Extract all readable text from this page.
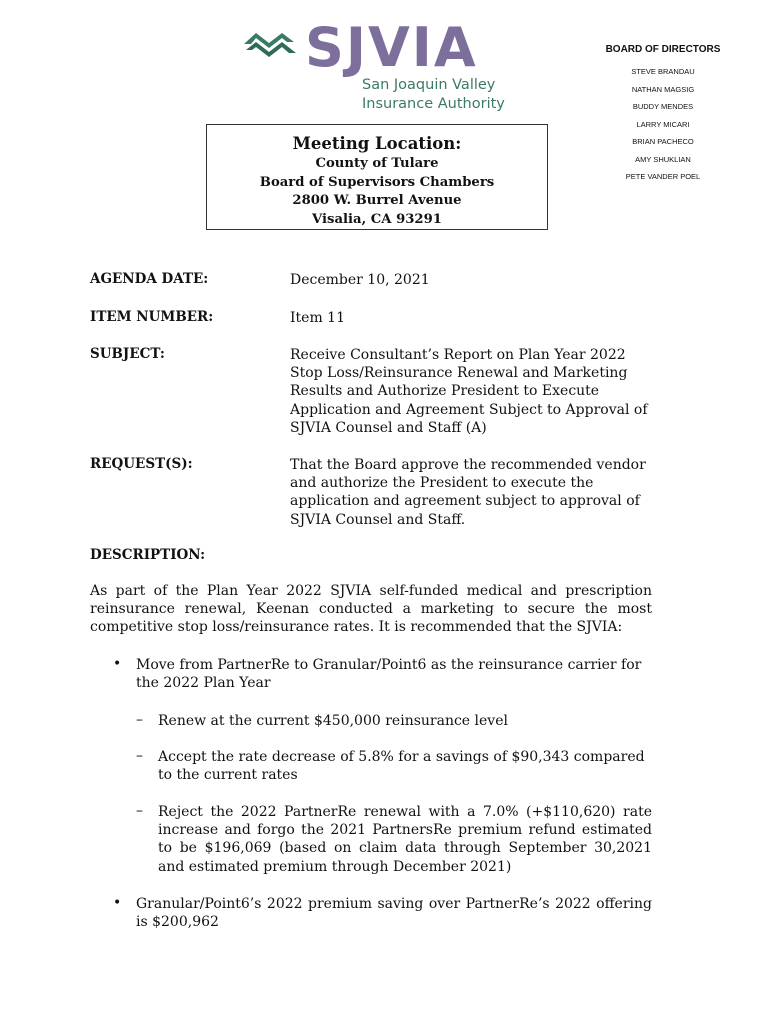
SJVIA
San Joaquin Valley
Insurance Authority
BOARD OF DIRECTORS
STEVE BRANDAU
NATHAN MAGSIG
BUDDY MENDES
LARRY MICARI
BRIAN PACHECO
AMY SHUKLIAN
PETE VANDER POEL
Meeting Location:
County of Tulare
Board of Supervisors Chambers
2800 W. Burrel Avenue
Visalia, CA 93291
AGENDA DATE:	December 10, 2021
ITEM NUMBER:	Item 11
SUBJECT:	Receive Consultant’s Report on Plan Year 2022 Stop Loss/Reinsurance Renewal and Marketing Results and Authorize President to Execute Application and Agreement Subject to Approval of SJVIA Counsel and Staff (A)
REQUEST(S):	That the Board approve the recommended vendor and authorize the President to execute the application and agreement subject to approval of SJVIA Counsel and Staff.
DESCRIPTION:
As part of the Plan Year 2022 SJVIA self-funded medical and prescription reinsurance renewal, Keenan conducted a marketing to secure the most competitive stop loss/reinsurance rates. It is recommended that the SJVIA:
• Move from PartnerRe to Granular/Point6 as the reinsurance carrier for the 2022 Plan Year
– Renew at the current $450,000 reinsurance level
– Accept the rate decrease of 5.8% for a savings of $90,343 compared to the current rates
– Reject the 2022 PartnerRe renewal with a 7.0% (+$110,620) rate increase and forgo the 2021 PartnersRe premium refund estimated to be $196,069 (based on claim data through September 30,2021 and estimated premium through December 2021)
• Granular/Point6’s 2022 premium saving over PartnerRe’s 2022 offering is $200,962
